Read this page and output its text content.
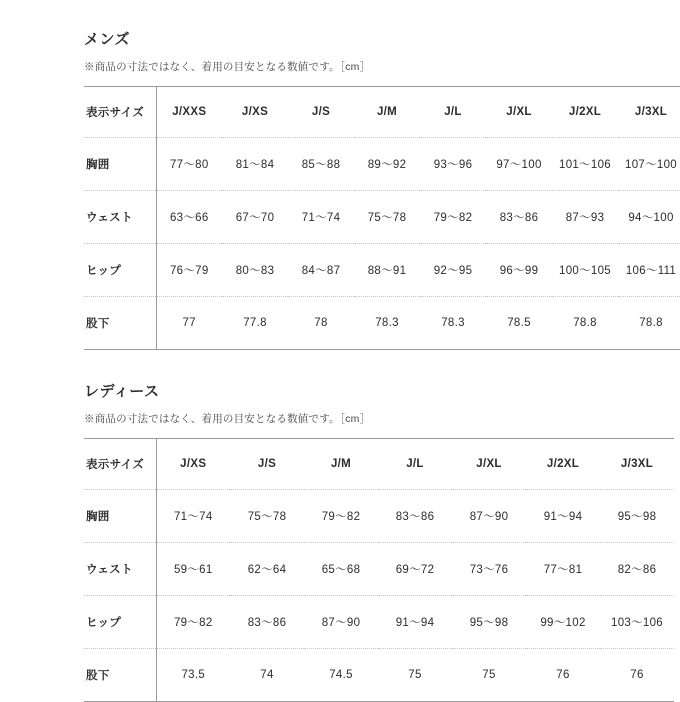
メンズ

※商品の寸法ではなく、着用の目安となる数値です。［cm］

表示サイズ	J/XXS	J/XS	J/S	J/M	J/L	J/XL	J/2XL	J/3XL
胸囲	77〜80	81〜84	85〜88	89〜92	93〜96	97〜100	101〜106	107〜100
ウェスト	63〜66	67〜70	71〜74	75〜78	79〜82	83〜86	87〜93	94〜100
ヒップ	76〜79	80〜83	84〜87	88〜91	92〜95	96〜99	100〜105	106〜111
股下	77	77.8	78	78.3	78.3	78.5	78.8	78.8
レディース

※商品の寸法ではなく、着用の目安となる数値です。［cm］

表示サイズ	J/XS	J/S	J/M	J/L	J/XL	J/2XL	J/3XL
胸囲	71〜74	75〜78	79〜82	83〜86	87〜90	91〜94	95〜98
ウェスト	59〜61	62〜64	65〜68	69〜72	73〜76	77〜81	82〜86
ヒップ	79〜82	83〜86	87〜90	91〜94	95〜98	99〜102	103〜106
股下	73.5	74	74.5	75	75	76	76
